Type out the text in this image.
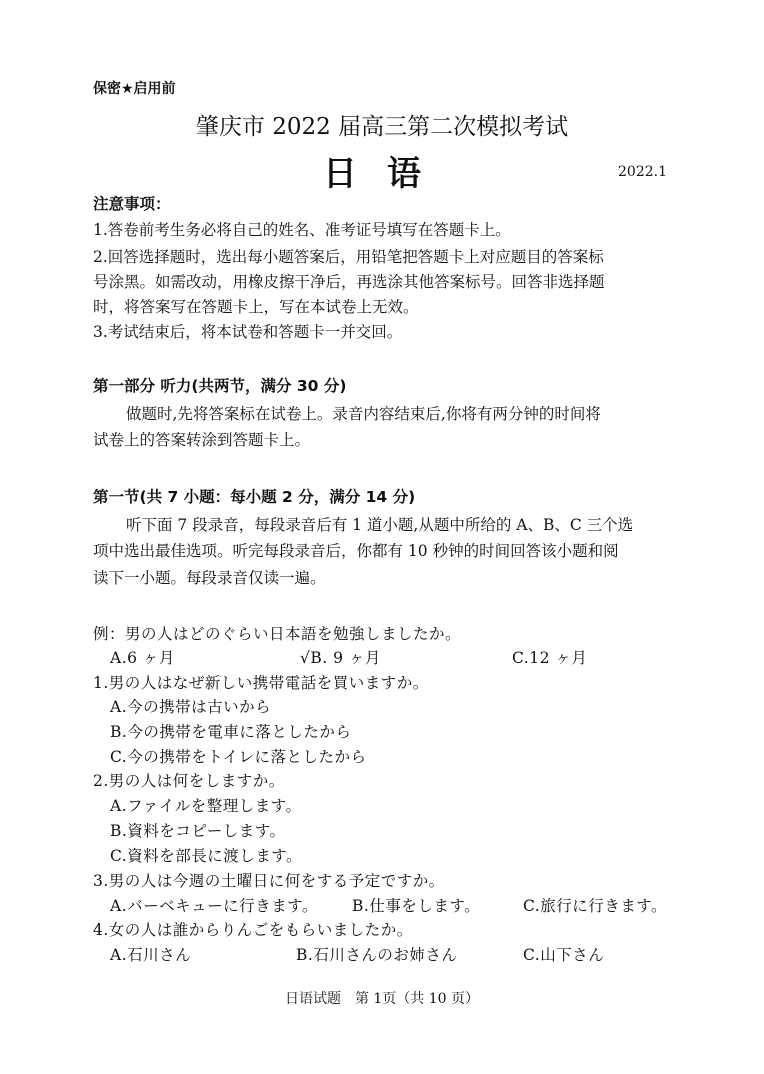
保密★启用前
肇庆市 2022 届高三第二次模拟考试
日语	2022.1
注意事项：
1.答卷前考生务必将自己的姓名、准考证号填写在答题卡上。
2.回答选择题时，选出每小题答案后，用铅笔把答题卡上对应题目的答案标
号涂黑。如需改动，用橡皮擦干净后，再选涂其他答案标号。回答非选择题
时，将答案写在答题卡上，写在本试卷上无效。
3.考试结束后，将本试卷和答题卡一并交回。
第一部分 听力(共两节，满分 30 分)
做题时,先将答案标在试卷上。录音内容结束后,你将有两分钟的时间将
试卷上的答案转涂到答题卡上。
第一节(共 7 小题：每小题 2 分，满分 14 分)
听下面 7 段录音，每段录音后有 1 道小题,从题中所给的 A、B、C 三个选
项中选出最佳选项。听完每段录音后，你都有 10 秒钟的时间回答该小题和阅
读下一小题。每段录音仅读一遍。
例：男の人はどのぐらい日本語を勉強しましたか。
A.6 ヶ月	√B. 9 ヶ月	C.12 ヶ月
1.男の人はなぜ新しい携帯電話を買いますか。
A.今の携帯は古いから
B.今の携帯を電車に落としたから
C.今の携帯をトイレに落としたから
2.男の人は何をしますか。
A.ファイルを整理します。
B.資料をコピーします。
C.資料を部長に渡します。
3.男の人は今週の土曜日に何をする予定ですか。
A.バーベキューに行きます。 B.仕事をします。	C.旅行に行きます。
4.女の人は誰からりんごをもらいましたか。
A.石川さん	B.石川さんのお姉さん	C.山下さん
日语试题　第 1页（共 10 页）
